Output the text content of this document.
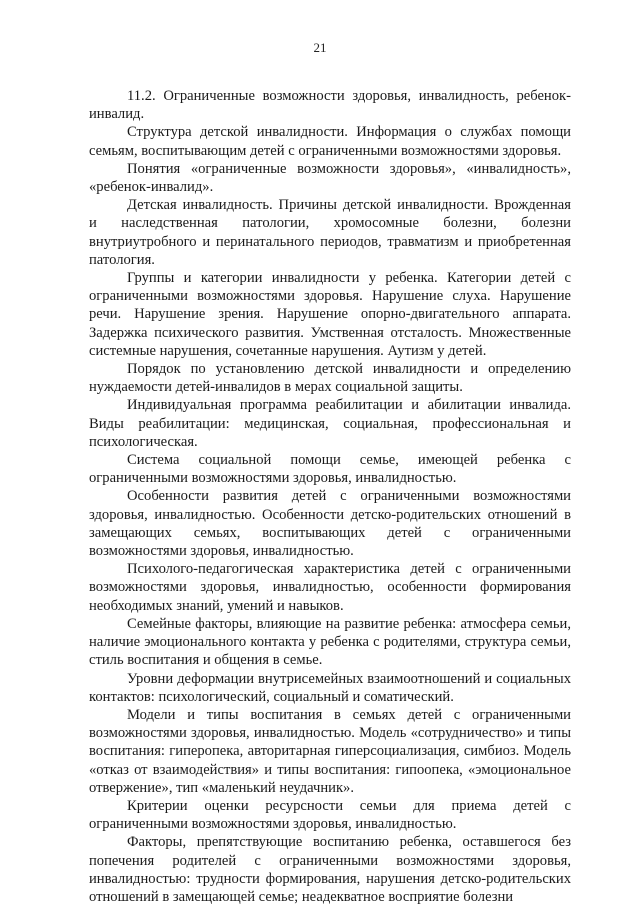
21

11.2. Ограниченные возможности здоровья, инвалидность, ребенок-инвалид.

Структура детской инвалидности. Информация о службах помощи семьям, воспитывающим детей с ограниченными возможностями здоровья.

Понятия «ограниченные возможности здоровья», «инвалидность», «ребенок-инвалид».

Детская инвалидность. Причины детской инвалидности. Врожденная и наследственная патологии, хромосомные болезни, болезни внутриутробного и перинатального периодов, травматизм и приобретенная патология.

Группы и категории инвалидности у ребенка. Категории детей с ограниченными возможностями здоровья. Нарушение слуха. Нарушение речи. Нарушение зрения. Нарушение опорно-двигательного аппарата. Задержка психического развития. Умственная отсталость. Множественные системные нарушения, сочетанные нарушения. Аутизм у детей.

Порядок по установлению детской инвалидности и определению нуждаемости детей-инвалидов в мерах социальной защиты.

Индивидуальная программа реабилитации и абилитации инвалида. Виды реабилитации: медицинская, социальная, профессиональная и психологическая.

Система социальной помощи семье, имеющей ребенка с ограниченными возможностями здоровья, инвалидностью.

Особенности развития детей с ограниченными возможностями здоровья, инвалидностью. Особенности детско-родительских отношений в замещающих семьях, воспитывающих детей с ограниченными возможностями здоровья, инвалидностью.

Психолого-педагогическая характеристика детей с ограниченными возможностями здоровья, инвалидностью, особенности формирования необходимых знаний, умений и навыков.

Семейные факторы, влияющие на развитие ребенка: атмосфера семьи, наличие эмоционального контакта у ребенка с родителями, структура семьи, стиль воспитания и общения в семье.

Уровни деформации внутрисемейных взаимоотношений и социальных контактов: психологический, социальный и соматический.

Модели и типы воспитания в семьях детей с ограниченными возможностями здоровья, инвалидностью. Модель «сотрудничество» и типы воспитания: гиперопека, авторитарная гиперсоциализация, симбиоз. Модель «отказ от взаимодействия» и типы воспитания: гипоопека, «эмоциональное отвержение», тип «маленький неудачник».

Критерии оценки ресурсности семьи для приема детей с ограниченными возможностями здоровья, инвалидностью.

Факторы, препятствующие воспитанию ребенка, оставшегося без попечения родителей с ограниченными возможностями здоровья, инвалидностью: трудности формирования, нарушения детско-родительских отношений в замещающей семье; неадекватное восприятие болезни
